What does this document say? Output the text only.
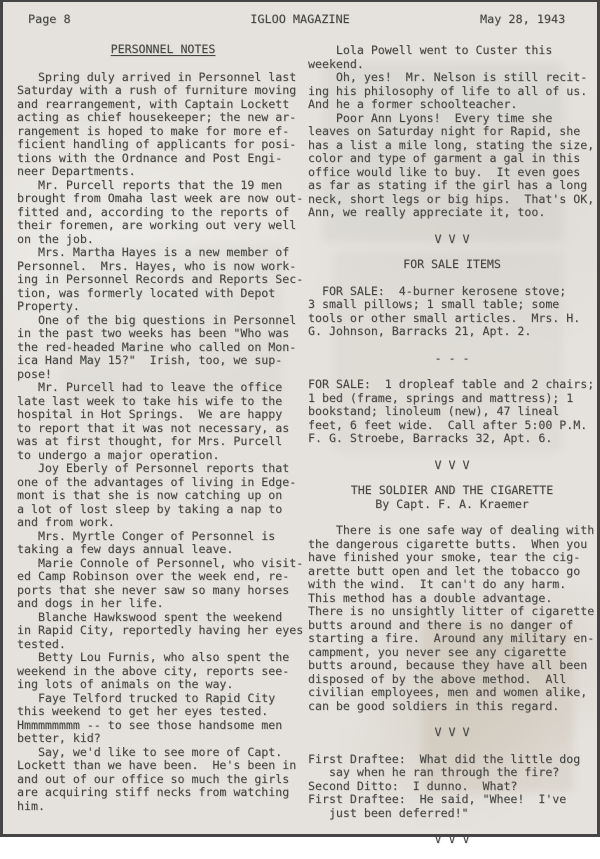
Page 8	IGLOO MAGAZINE	May 28, 1943
PERSONNEL NOTES
Spring duly arrived in Personnel last
Saturday with a rush of furniture moving
and rearrangement, with Captain Lockett
acting as chief housekeeper; the new ar-
rangement is hoped to make for more ef-
ficient handling of applicants for posi-
tions with the Ordnance and Post Engi-
neer Departments.
Mr. Purcell reports that the 19 men
brought from Omaha last week are now out-
fitted and, according to the reports of
their foremen, are working out very well
on the job.
Mrs. Martha Hayes is a new member of
Personnel.  Mrs. Hayes, who is now work-
ing in Personnel Records and Reports Sec-
tion, was formerly located with Depot
Property.
One of the big questions in Personnel
in the past two weeks has been "Who was
the red-headed Marine who called on Mon-
ica Hand May 15?"  Irish, too, we sup-
pose!
Mr. Purcell had to leave the office
late last week to take his wife to the
hospital in Hot Springs.  We are happy
to report that it was not necessary, as
was at first thought, for Mrs. Purcell
to undergo a major operation.
Joy Eberly of Personnel reports that
one of the advantages of living in Edge-
mont is that she is now catching up on
a lot of lost sleep by taking a nap to
and from work.
Mrs. Myrtle Conger of Personnel is
taking a few days annual leave.
Marie Connole of Personnel, who visit-
ed Camp Robinson over the week end, re-
ports that she never saw so many horses
and dogs in her life.
Blanche Hawkswood spent the weekend
in Rapid City, reportedly having her eyes
tested.
Betty Lou Furnis, who also spent the
weekend in the above city, reports see-
ing lots of animals on the way.
Faye Telford trucked to Rapid City
this weekend to get her eyes tested.
Hmmmmmmmm -- to see those handsome men
better, kid?
Say, we'd like to see more of Capt.
Lockett than we have been.  He's been in
and out of our office so much the girls
are acquiring stiff necks from watching
him.
Lola Powell went to Custer this
weekend.
Oh, yes!  Mr. Nelson is still recit-
ing his philosophy of life to all of us.
And he a former schoolteacher.
Poor Ann Lyons!  Every time she
leaves on Saturday night for Rapid, she
has a list a mile long, stating the size,
color and type of garment a gal in this
office would like to buy.  It even goes
as far as stating if the girl has a long
neck, short legs or big hips.  That's OK,
Ann, we really appreciate it, too.
V V V
FOR SALE ITEMS
FOR SALE:  4-burner kerosene stove;
3 small pillows; 1 small table; some
tools or other small articles.  Mrs. H.
G. Johnson, Barracks 21, Apt. 2.
- - -
FOR SALE:  1 dropleaf table and 2 chairs;
1 bed (frame, springs and mattress); 1
bookstand; linoleum (new), 47 lineal
feet, 6 feet wide.  Call after 5:00 P.M.
F. G. Stroebe, Barracks 32, Apt. 6.
V V V
THE SOLDIER AND THE CIGARETTE
By Capt. F. A. Kraemer
There is one safe way of dealing with
the dangerous cigarette butts.  When you
have finished your smoke, tear the cig-
arette butt open and let the tobacco go
with the wind.  It can't do any harm.
This method has a double advantage.
There is no unsightly litter of cigarette
butts around and there is no danger of
starting a fire.  Around any military en-
campment, you never see any cigarette
butts around, because they have all been
disposed of by the above method.  All
civilian employees, men and women alike,
can be good soldiers in this regard.
V V V
First Draftee:  What did the little dog
say when he ran through the fire?
Second Ditto:  I dunno.  What?
First Draftee:  He said, "Whee!  I've
just been deferred!"
V V V
